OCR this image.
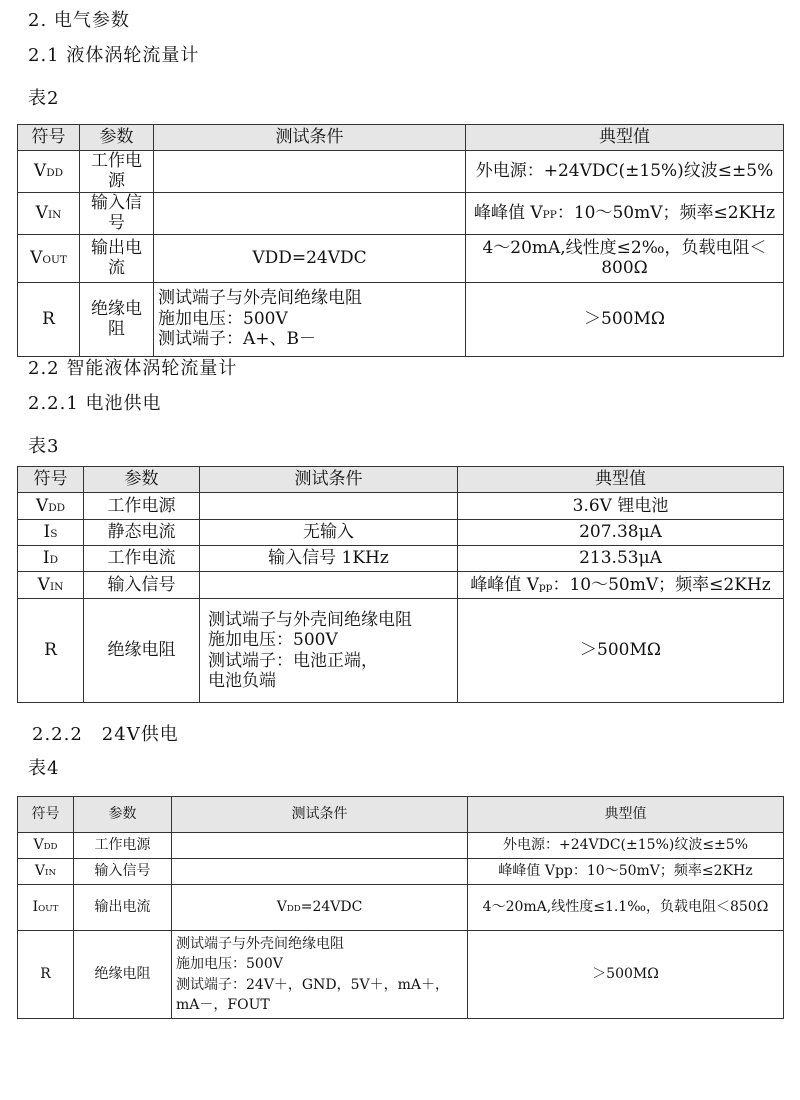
2. 电气参数
2.1 液体涡轮流量计
表2
符号	参数	测试条件	典型值
VDD	工作电源		外电源：+24VDC(±15%)纹波≤±5%
VIN	输入信号		峰峰值 VPP：10～50mV；频率≤2KHz
VOUT	输出电流	VDD=24VDC	4～20mA,线性度≤2‰，负载电阻＜800Ω
R	绝缘电阻	测试端子与外壳间绝缘电阻
施加电压：500V
测试端子：A+、B－	＞500MΩ
2.2 智能液体涡轮流量计
2.2.1 电池供电
表3
符号	参数	测试条件	典型值
VDD	工作电源		3.6V 锂电池
IS	静态电流	无输入	207.38μA
ID	工作电流	输入信号 1KHz	213.53μA
VIN	输入信号		峰峰值 Vpp：10～50mV；频率≤2KHz
R	绝缘电阻	测试端子与外壳间绝缘电阻
施加电压：500V
测试端子：电池正端，
电池负端	＞500MΩ
2.2.2　24V供电
表4
符号	参数	测试条件	典型值
VDD	工作电源		外电源：+24VDC(±15%)纹波≤±5%
VIN	输入信号		峰峰值 Vpp：10～50mV；频率≤2KHz
IOUT	输出电流	VDD=24VDC	4～20mA,线性度≤1.1‰，负载电阻＜850Ω
R	绝缘电阻	测试端子与外壳间绝缘电阻
施加电压：500V
测试端子：24V＋，GND，5V＋，mA＋，mA－，FOUT	＞500MΩ
